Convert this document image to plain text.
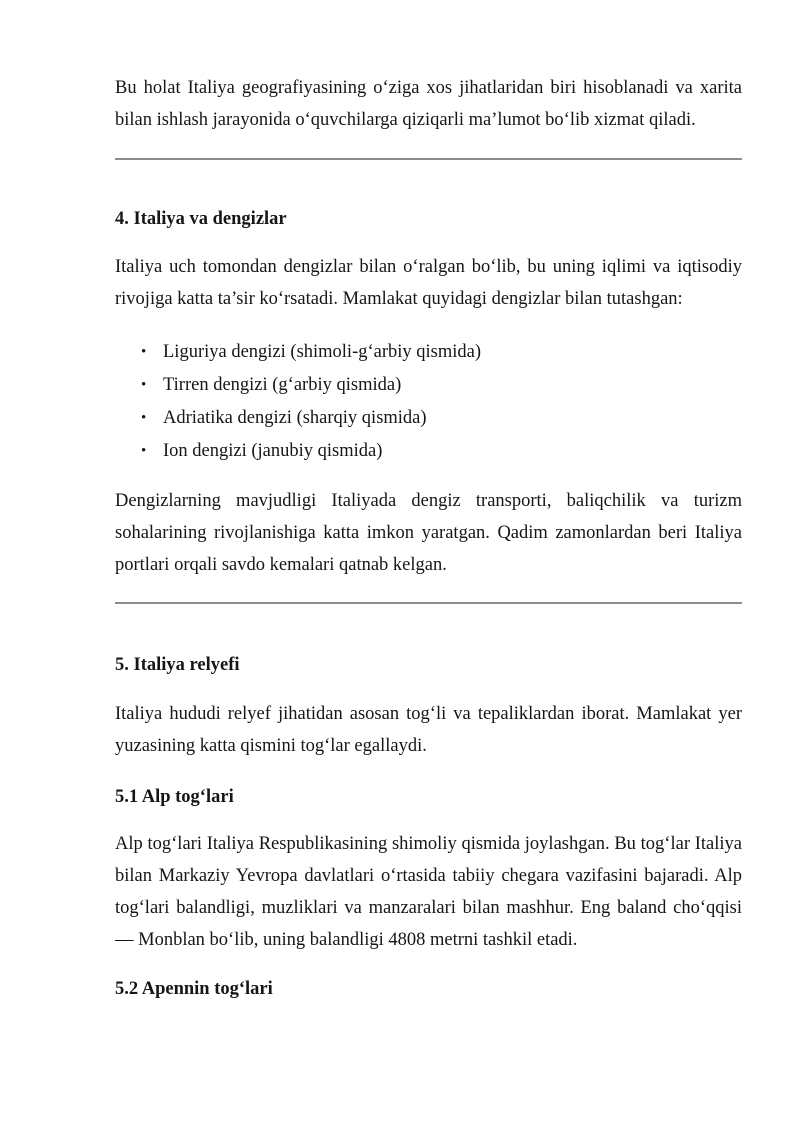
Bu holat Italiya geografiyasining o‘ziga xos jihatlaridan biri hisoblanadi va xarita bilan ishlash jarayonida o‘quvchilarga qiziqarli ma’lumot bo‘lib xizmat qiladi.

4. Italiya va dengizlar

Italiya uch tomondan dengizlar bilan o‘ralgan bo‘lib, bu uning iqlimi va iqtisodiy rivojiga katta ta’sir ko‘rsatadi. Mamlakat quyidagi dengizlar bilan tutashgan:

• Liguriya dengizi (shimoli-g‘arbiy qismida)
• Tirren dengizi (g‘arbiy qismida)
• Adriatika dengizi (sharqiy qismida)
• Ion dengizi (janubiy qismida)

Dengizlarning mavjudligi Italiyada dengiz transporti, baliqchilik va turizm sohalarining rivojlanishiga katta imkon yaratgan. Qadim zamonlardan beri Italiya portlari orqali savdo kemalari qatnab kelgan.

5. Italiya relyefi

Italiya hududi relyef jihatidan asosan tog‘li va tepaliklardan iborat. Mamlakat yer yuzasining katta qismini tog‘lar egallaydi.

5.1 Alp tog‘lari

Alp tog‘lari Italiya Respublikasining shimoliy qismida joylashgan. Bu tog‘lar Italiya bilan Markaziy Yevropa davlatlari o‘rtasida tabiiy chegara vazifasini bajaradi. Alp tog‘lari balandligi, muzliklari va manzaralari bilan mashhur. Eng baland cho‘qqisi — Monblan bo‘lib, uning balandligi 4808 metrni tashkil etadi.

5.2 Apennin tog‘lari
